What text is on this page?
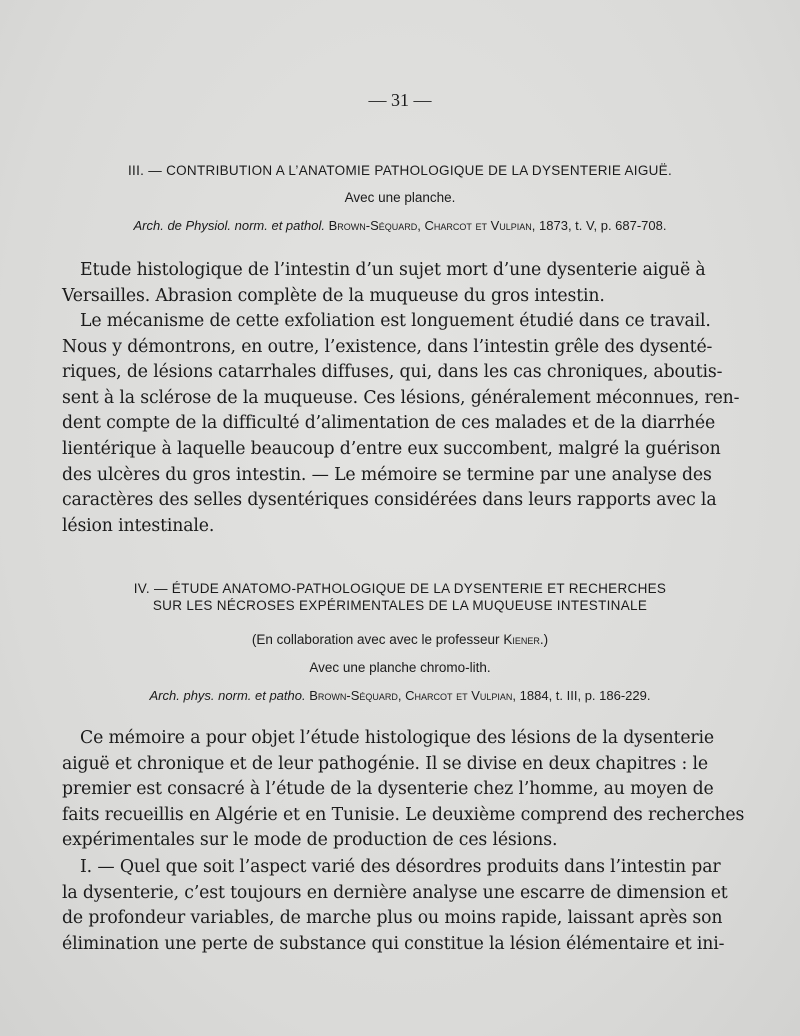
— 31 —
III. — CONTRIBUTION A L’ANATOMIE PATHOLOGIQUE DE LA DYSENTERIE AIGUË.
Avec une planche.
Arch. de Physiol. norm. et pathol. Brown-Séquard, Charcot et Vulpian, 1873, t. V, p. 687-708.
Etude histologique de l’intestin d’un sujet mort d’une dysenterie aiguë à
Versailles. Abrasion complète de la muqueuse du gros intestin.
Le mécanisme de cette exfoliation est longuement étudié dans ce travail.
Nous y démontrons, en outre, l’existence, dans l’intestin grêle des dysenté-
riques, de lésions catarrhales diffuses, qui, dans les cas chroniques, aboutis-
sent à la sclérose de la muqueuse. Ces lésions, généralement méconnues, ren-
dent compte de la difficulté d’alimentation de ces malades et de la diarrhée
lientérique à laquelle beaucoup d’entre eux succombent, malgré la guérison
des ulcères du gros intestin. — Le mémoire se termine par une analyse des
caractères des selles dysentériques considérées dans leurs rapports avec la
lésion intestinale.
IV. — ÉTUDE ANATOMO-PATHOLOGIQUE DE LA DYSENTERIE ET RECHERCHES
SUR LES NÉCROSES EXPÉRIMENTALES DE LA MUQUEUSE INTESTINALE
(En collaboration avec avec le professeur Kiener.)
Avec une planche chromo-lith.
Arch. phys. norm. et patho. Brown-Séquard, Charcot et Vulpian, 1884, t. III, p. 186-229.
Ce mémoire a pour objet l’étude histologique des lésions de la dysenterie
aiguë et chronique et de leur pathogénie. Il se divise en deux chapitres : le
premier est consacré à l’étude de la dysenterie chez l’homme, au moyen de
faits recueillis en Algérie et en Tunisie. Le deuxième comprend des recherches
expérimentales sur le mode de production de ces lésions.
I. — Quel que soit l’aspect varié des désordres produits dans l’intestin par
la dysenterie, c’est toujours en dernière analyse une escarre de dimension et
de profondeur variables, de marche plus ou moins rapide, laissant après son
élimination une perte de substance qui constitue la lésion élémentaire et ini-
